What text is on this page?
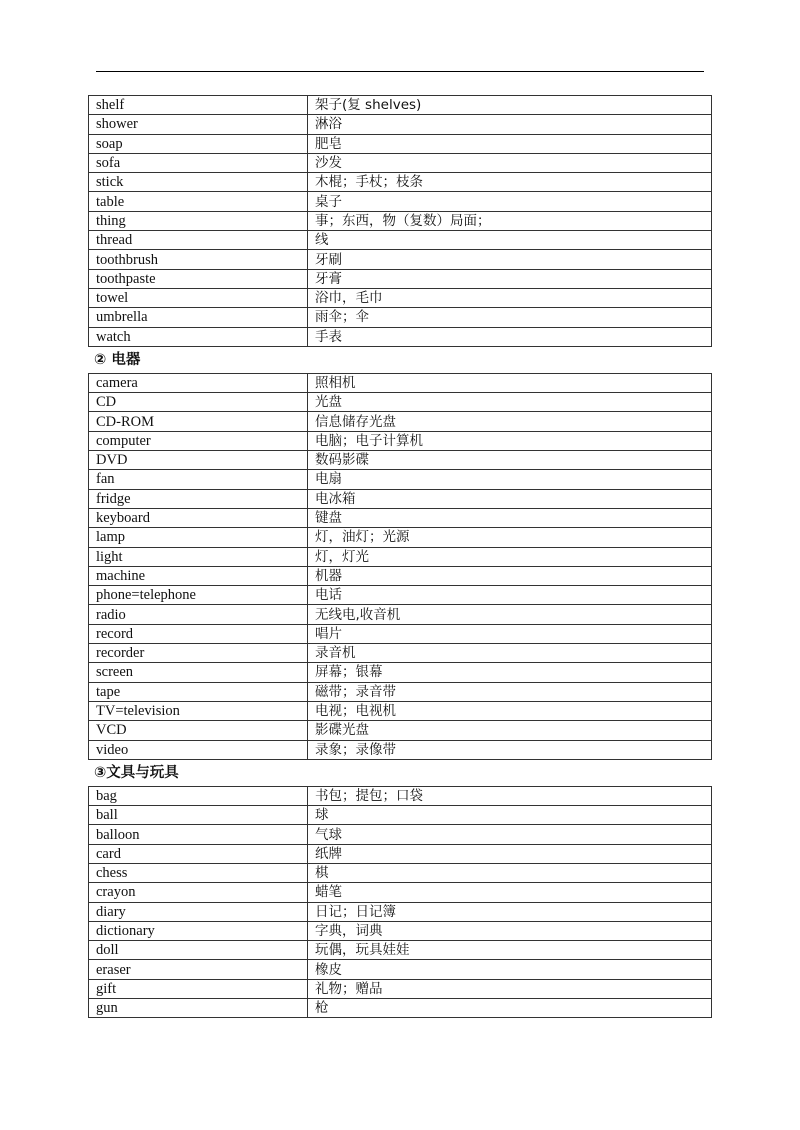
shelf	架子(复 shelves)
shower	淋浴
soap	肥皂
sofa	沙发
stick	木棍；手杖；枝条
table	桌子
thing	事；东西，物（复数）局面；
thread	线
toothbrush	牙刷
toothpaste	牙膏
towel	浴巾，毛巾
umbrella	雨伞；伞
watch	手表
② 电器
camera	照相机
CD	光盘
CD-ROM	信息储存光盘
computer	电脑；电子计算机
DVD	数码影碟
fan	电扇
fridge	电冰箱
keyboard	键盘
lamp	灯，油灯；光源
light	灯，灯光
machine	机器
phone=telephone	电话
radio	无线电,收音机
record	唱片
recorder	录音机
screen	屏幕；银幕
tape	磁带；录音带
TV=television	电视；电视机
VCD	影碟光盘
video	录象；录像带
③文具与玩具
bag	书包；提包；口袋
ball	球
balloon	气球
card	纸牌
chess	棋
crayon	蜡笔
diary	日记；日记簿
dictionary	字典，词典
doll	玩偶，玩具娃娃
eraser	橡皮
gift	礼物；赠品
gun	枪
